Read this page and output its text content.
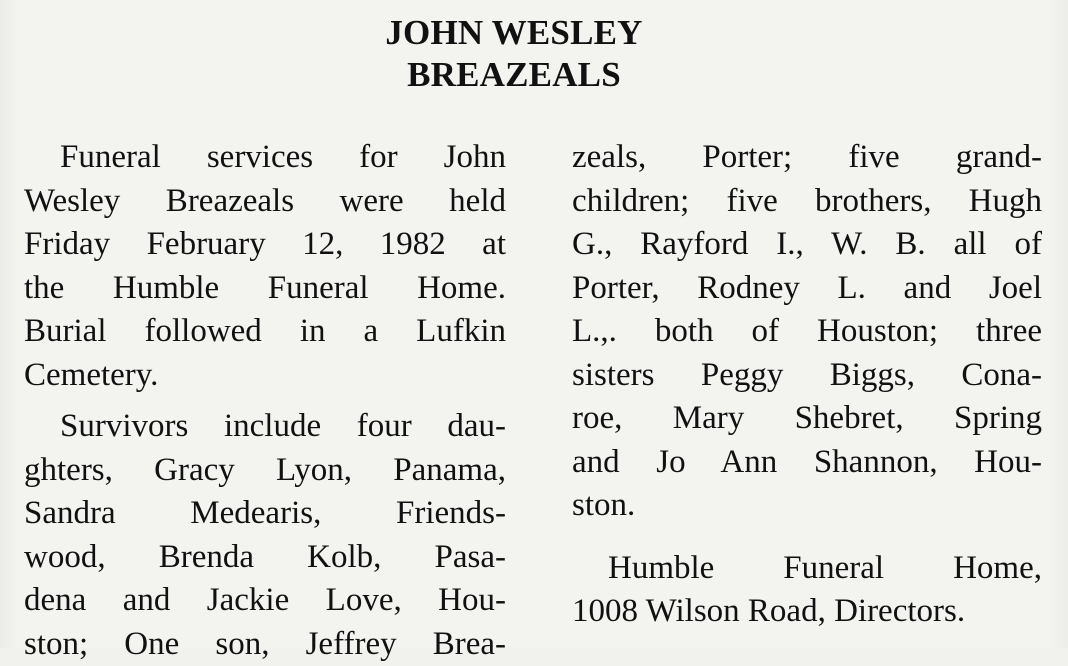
JOHN WESLEY
BREAZEALS
Funeral services for John
Wesley Breazeals were held
Friday February 12, 1982 at
the Humble Funeral Home.
Burial followed in a Lufkin
Cemetery.
Survivors include four dau-
ghters, Gracy Lyon, Panama,
Sandra Medearis, Friends-
wood, Brenda Kolb, Pasa-
dena and Jackie Love, Hou-
ston; One son, Jeffrey Brea-
zeals, Porter; five grand-
children; five brothers, Hugh
G., Rayford I., W. B. all of
Porter, Rodney L. and Joel
L.,. both of Houston; three
sisters Peggy Biggs, Cona-
roe, Mary Shebret, Spring
and Jo Ann Shannon, Hou-
ston.
Humble Funeral Home,
1008 Wilson Road, Directors.
